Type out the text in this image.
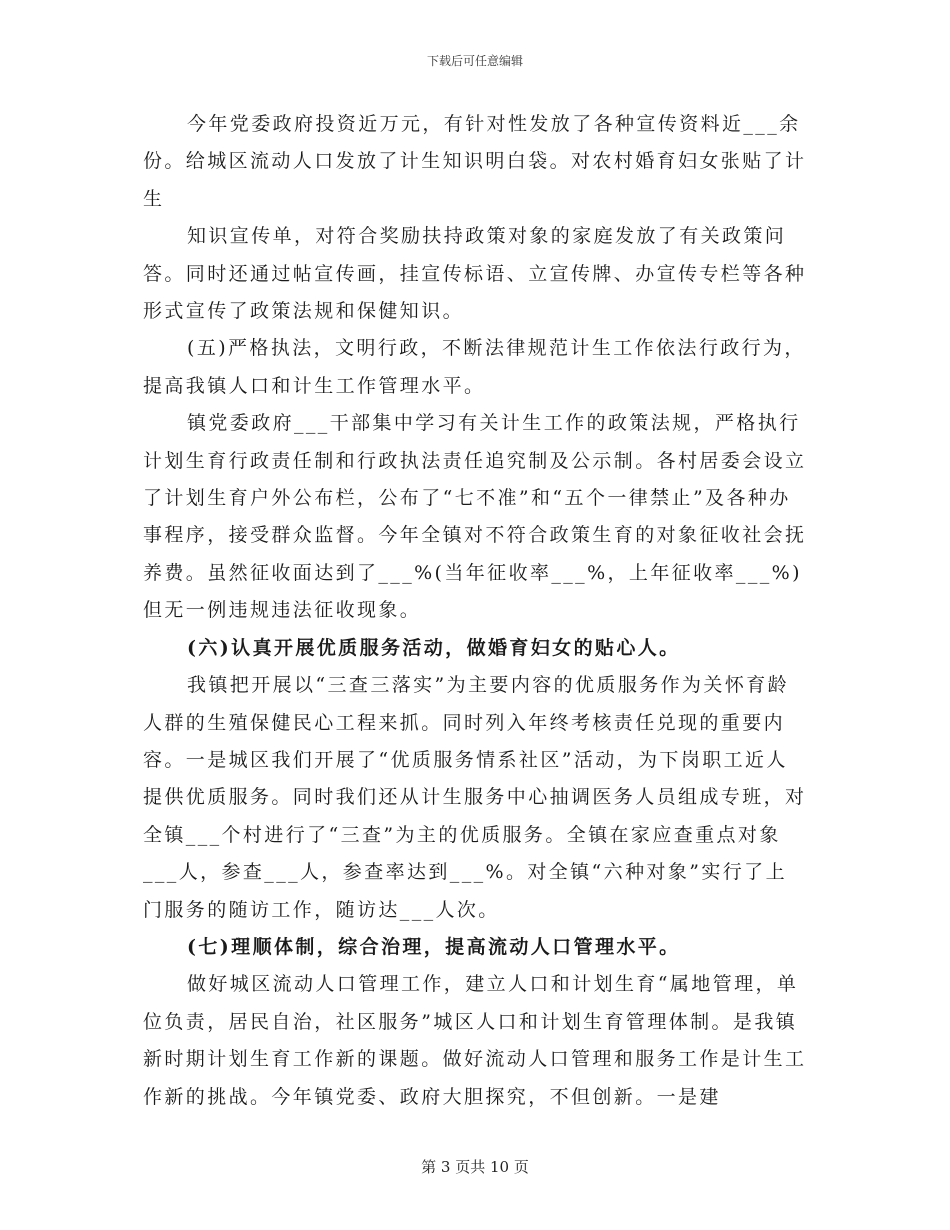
下载后可任意编辑

今年党委政府投资近万元，有针对性发放了各种宣传资料近___余份。给城区流动人口发放了计生知识明白袋。对农村婚育妇女张贴了计生

知识宣传单，对符合奖励扶持政策对象的家庭发放了有关政策问答。同时还通过帖宣传画，挂宣传标语、立宣传牌、办宣传专栏等各种形式宣传了政策法规和保健知识。

(五)严格执法，文明行政，不断法律规范计生工作依法行政行为，提高我镇人口和计生工作管理水平。

镇党委政府___干部集中学习有关计生工作的政策法规，严格执行计划生育行政责任制和行政执法责任追究制及公示制。各村居委会设立了计划生育户外公布栏，公布了“七不准”和“五个一律禁止”及各种办事程序，接受群众监督。今年全镇对不符合政策生育的对象征收社会抚养费。虽然征收面达到了___%(当年征收率___%，上年征收率___%)但无一例违规违法征收现象。

(六)认真开展优质服务活动，做婚育妇女的贴心人。

我镇把开展以“三查三落实”为主要内容的优质服务作为关怀育龄人群的生殖保健民心工程来抓。同时列入年终考核责任兑现的重要内容。一是城区我们开展了“优质服务情系社区”活动，为下岗职工近人提供优质服务。同时我们还从计生服务中心抽调医务人员组成专班，对全镇___个村进行了“三查”为主的优质服务。全镇在家应查重点对象___人，参查___人，参查率达到___%。对全镇“六种对象”实行了上门服务的随访工作，随访达___人次。

(七)理顺体制，综合治理，提高流动人口管理水平。

做好城区流动人口管理工作，建立人口和计划生育“属地管理，单位负责，居民自治，社区服务”城区人口和计划生育管理体制。是我镇新时期计划生育工作新的课题。做好流动人口管理和服务工作是计生工作新的挑战。今年镇党委、政府大胆探究，不但创新。一是建

第 3 页共 10 页
